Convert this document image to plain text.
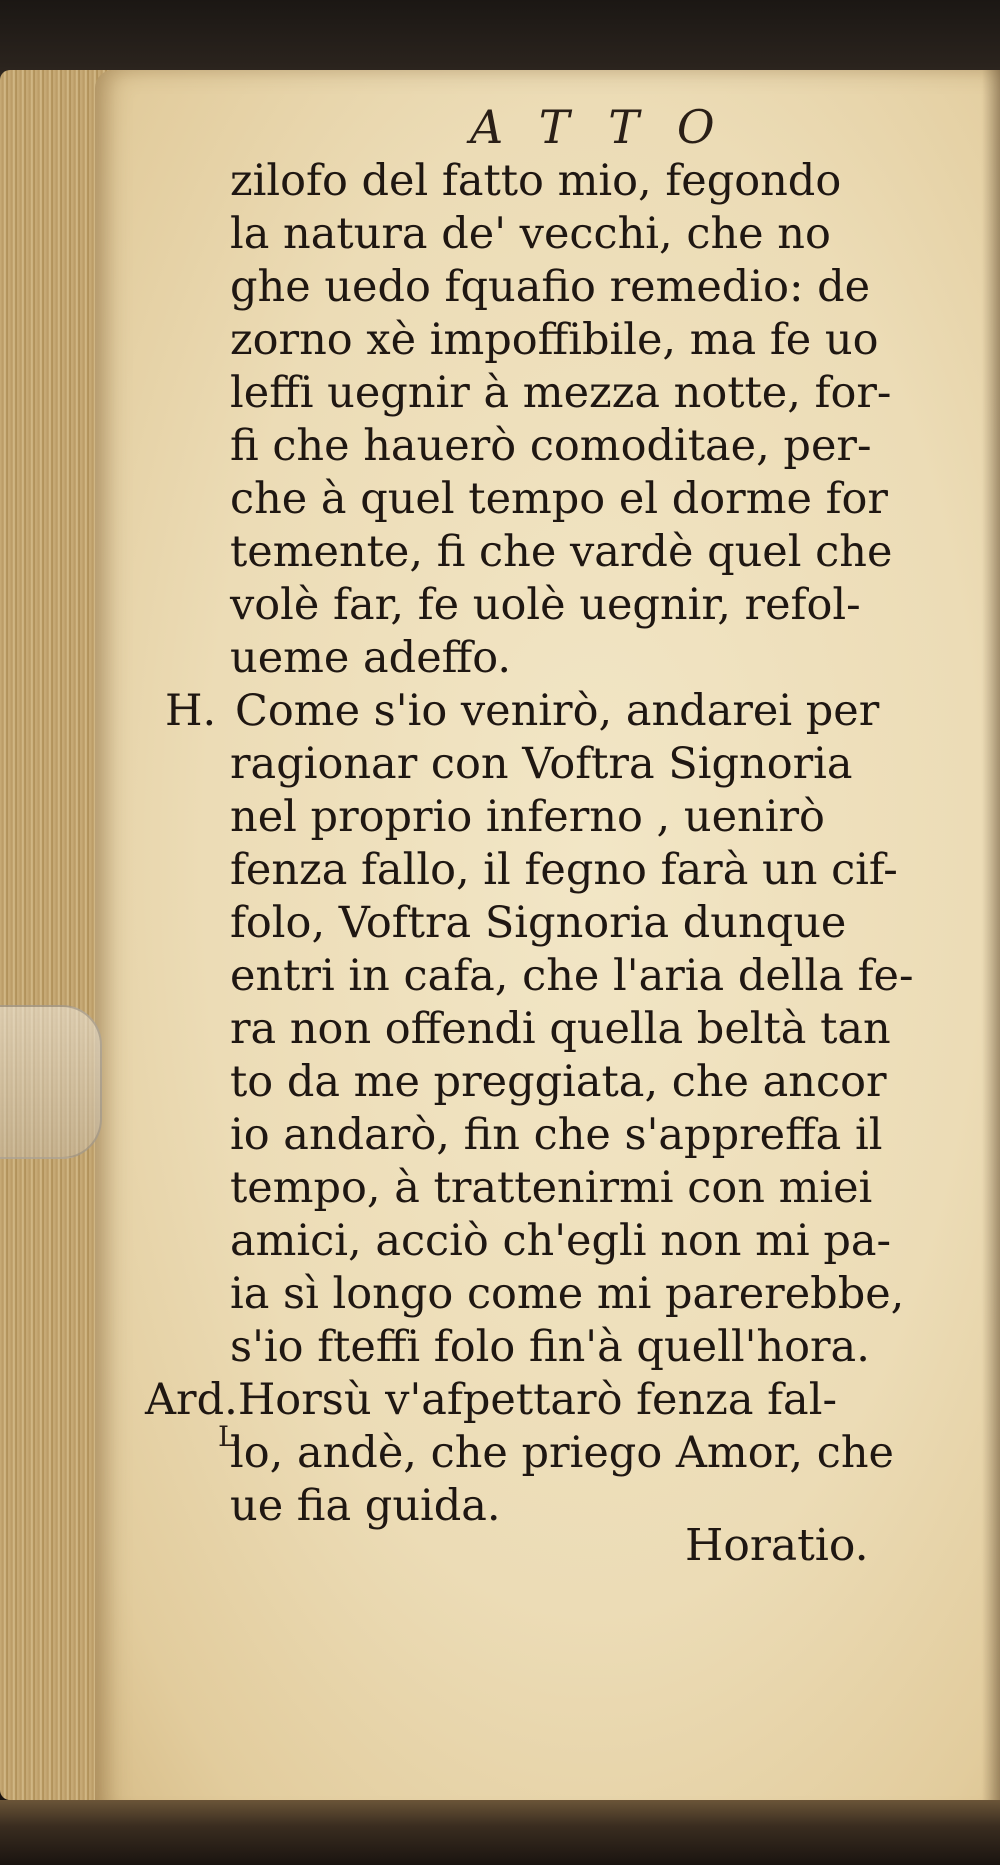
ATTO
zilofo del fatto mio, fegondo
la natura de' vecchi, che no
ghe uedo fquafio remedio: de
zorno xè impoffibile, ma fe uo
leffi uegnir à mezza notte, for-
fi che hauerò comoditae, per-
che à quel tempo el dorme for
temente, fi che vardè quel che
volè far, fe uolè uegnir, refol-
ueme adeffo.
H. Come s'io venirò, andarei per
ragionar con Voftra Signoria
nel proprio inferno , uenirò
fenza fallo, il fegno farà un cif-
folo, Voftra Signoria dunque
entri in cafa, che l'aria della fe-
ra non offendi quella beltà tan
to da me preggiata, che ancor
io andarò, fin che s'appreffa il
tempo, à trattenirmi con miei
amici, acciò ch'egli non mi pa-
ia sì longo come mi parerebbe,
s'io fteffi folo fin'à quell'hora.
Ard.Horsù v'afpettarò fenza fal-
lo, andè, che priego Amor, che
ue fia guida.
L
Horatio.
